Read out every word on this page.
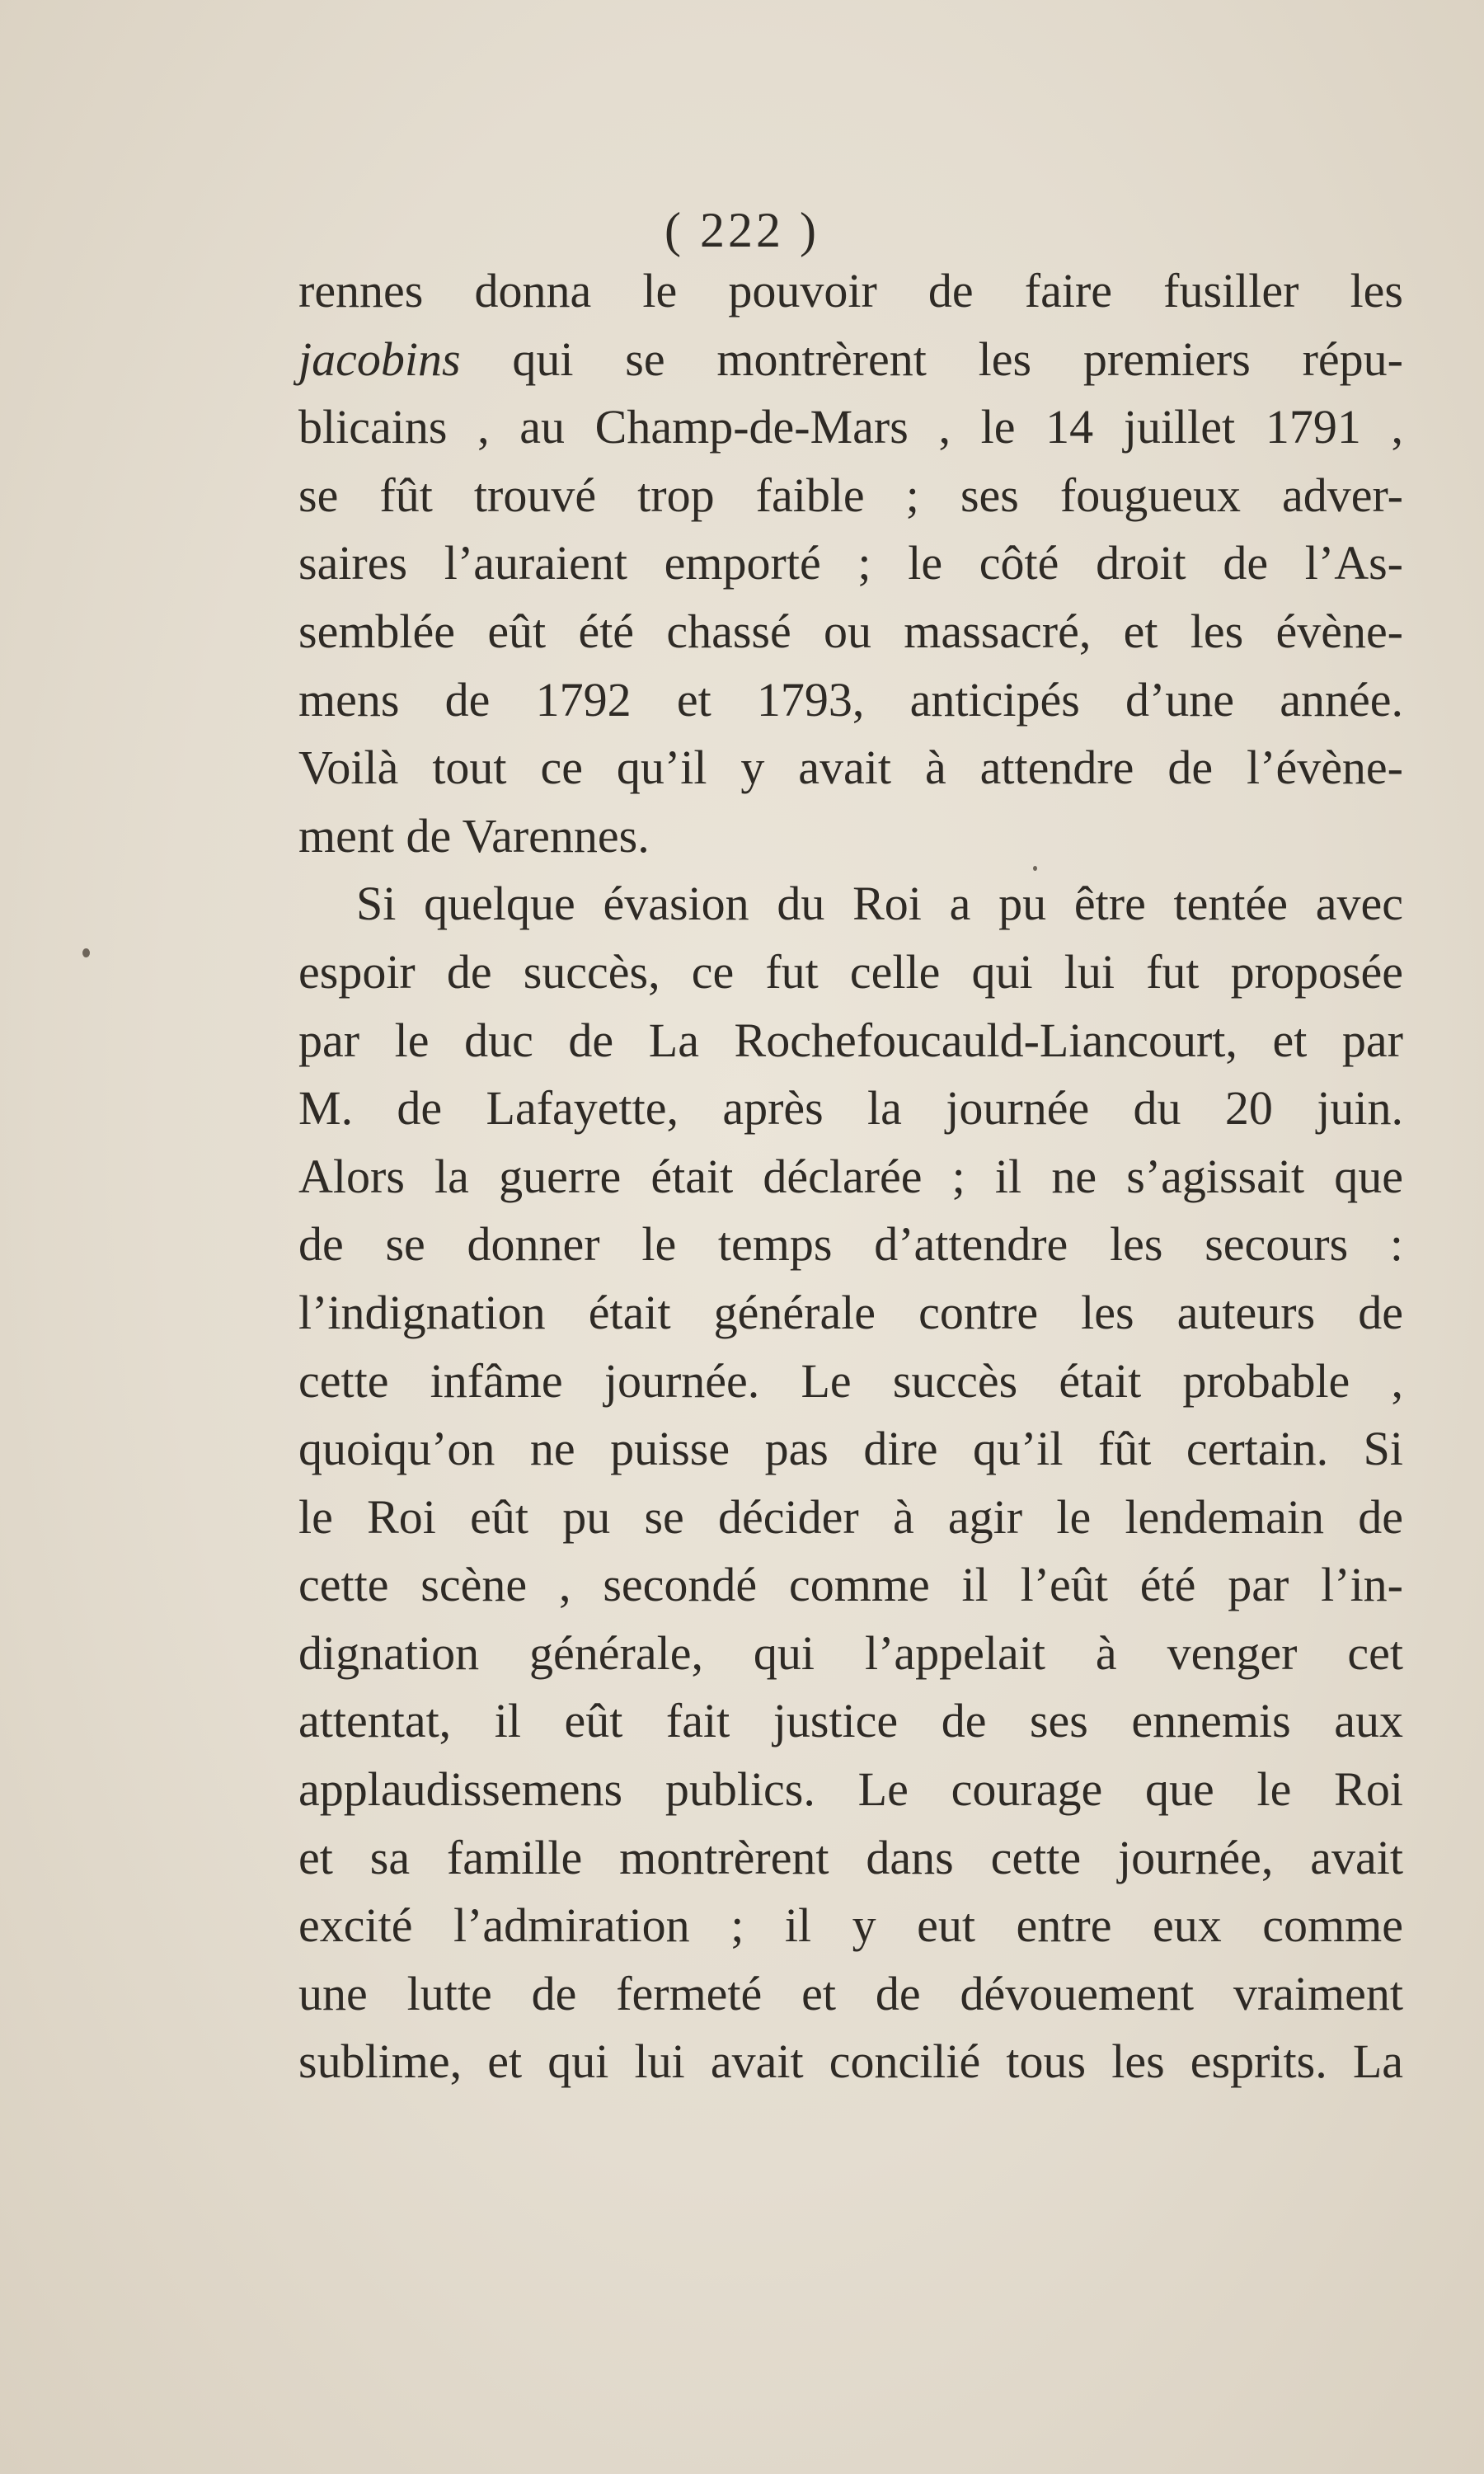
( 222 )
rennes donna le pouvoir de faire fusiller les
jacobins qui se montrèrent les premiers répu-
blicains , au Champ-de-Mars , le 14 juillet 1791 ,
se fût trouvé trop faible ; ses fougueux adver-
saires l’auraient emporté ; le côté droit de l’As-
semblée eût été chassé ou massacré, et les évène-
mens de 1792 et 1793, anticipés d’une année.
Voilà tout ce qu’il y avait à attendre de l’évène-
ment de Varennes.
Si quelque évasion du Roi a pu être tentée avec
espoir de succès, ce fut celle qui lui fut proposée
par le duc de La Rochefoucauld-Liancourt, et par
M. de Lafayette, après la journée du 20 juin.
Alors la guerre était déclarée ; il ne s’agissait que
de se donner le temps d’attendre les secours :
l’indignation était générale contre les auteurs de
cette infâme journée. Le succès était probable ,
quoiqu’on ne puisse pas dire qu’il fût certain. Si
le Roi eût pu se décider à agir le lendemain de
cette scène , secondé comme il l’eût été par l’in-
dignation générale, qui l’appelait à venger cet
attentat, il eût fait justice de ses ennemis aux
applaudissemens publics. Le courage que le Roi
et sa famille montrèrent dans cette journée, avait
excité l’admiration ; il y eut entre eux comme
une lutte de fermeté et de dévouement vraiment
sublime, et qui lui avait concilié tous les esprits. La
